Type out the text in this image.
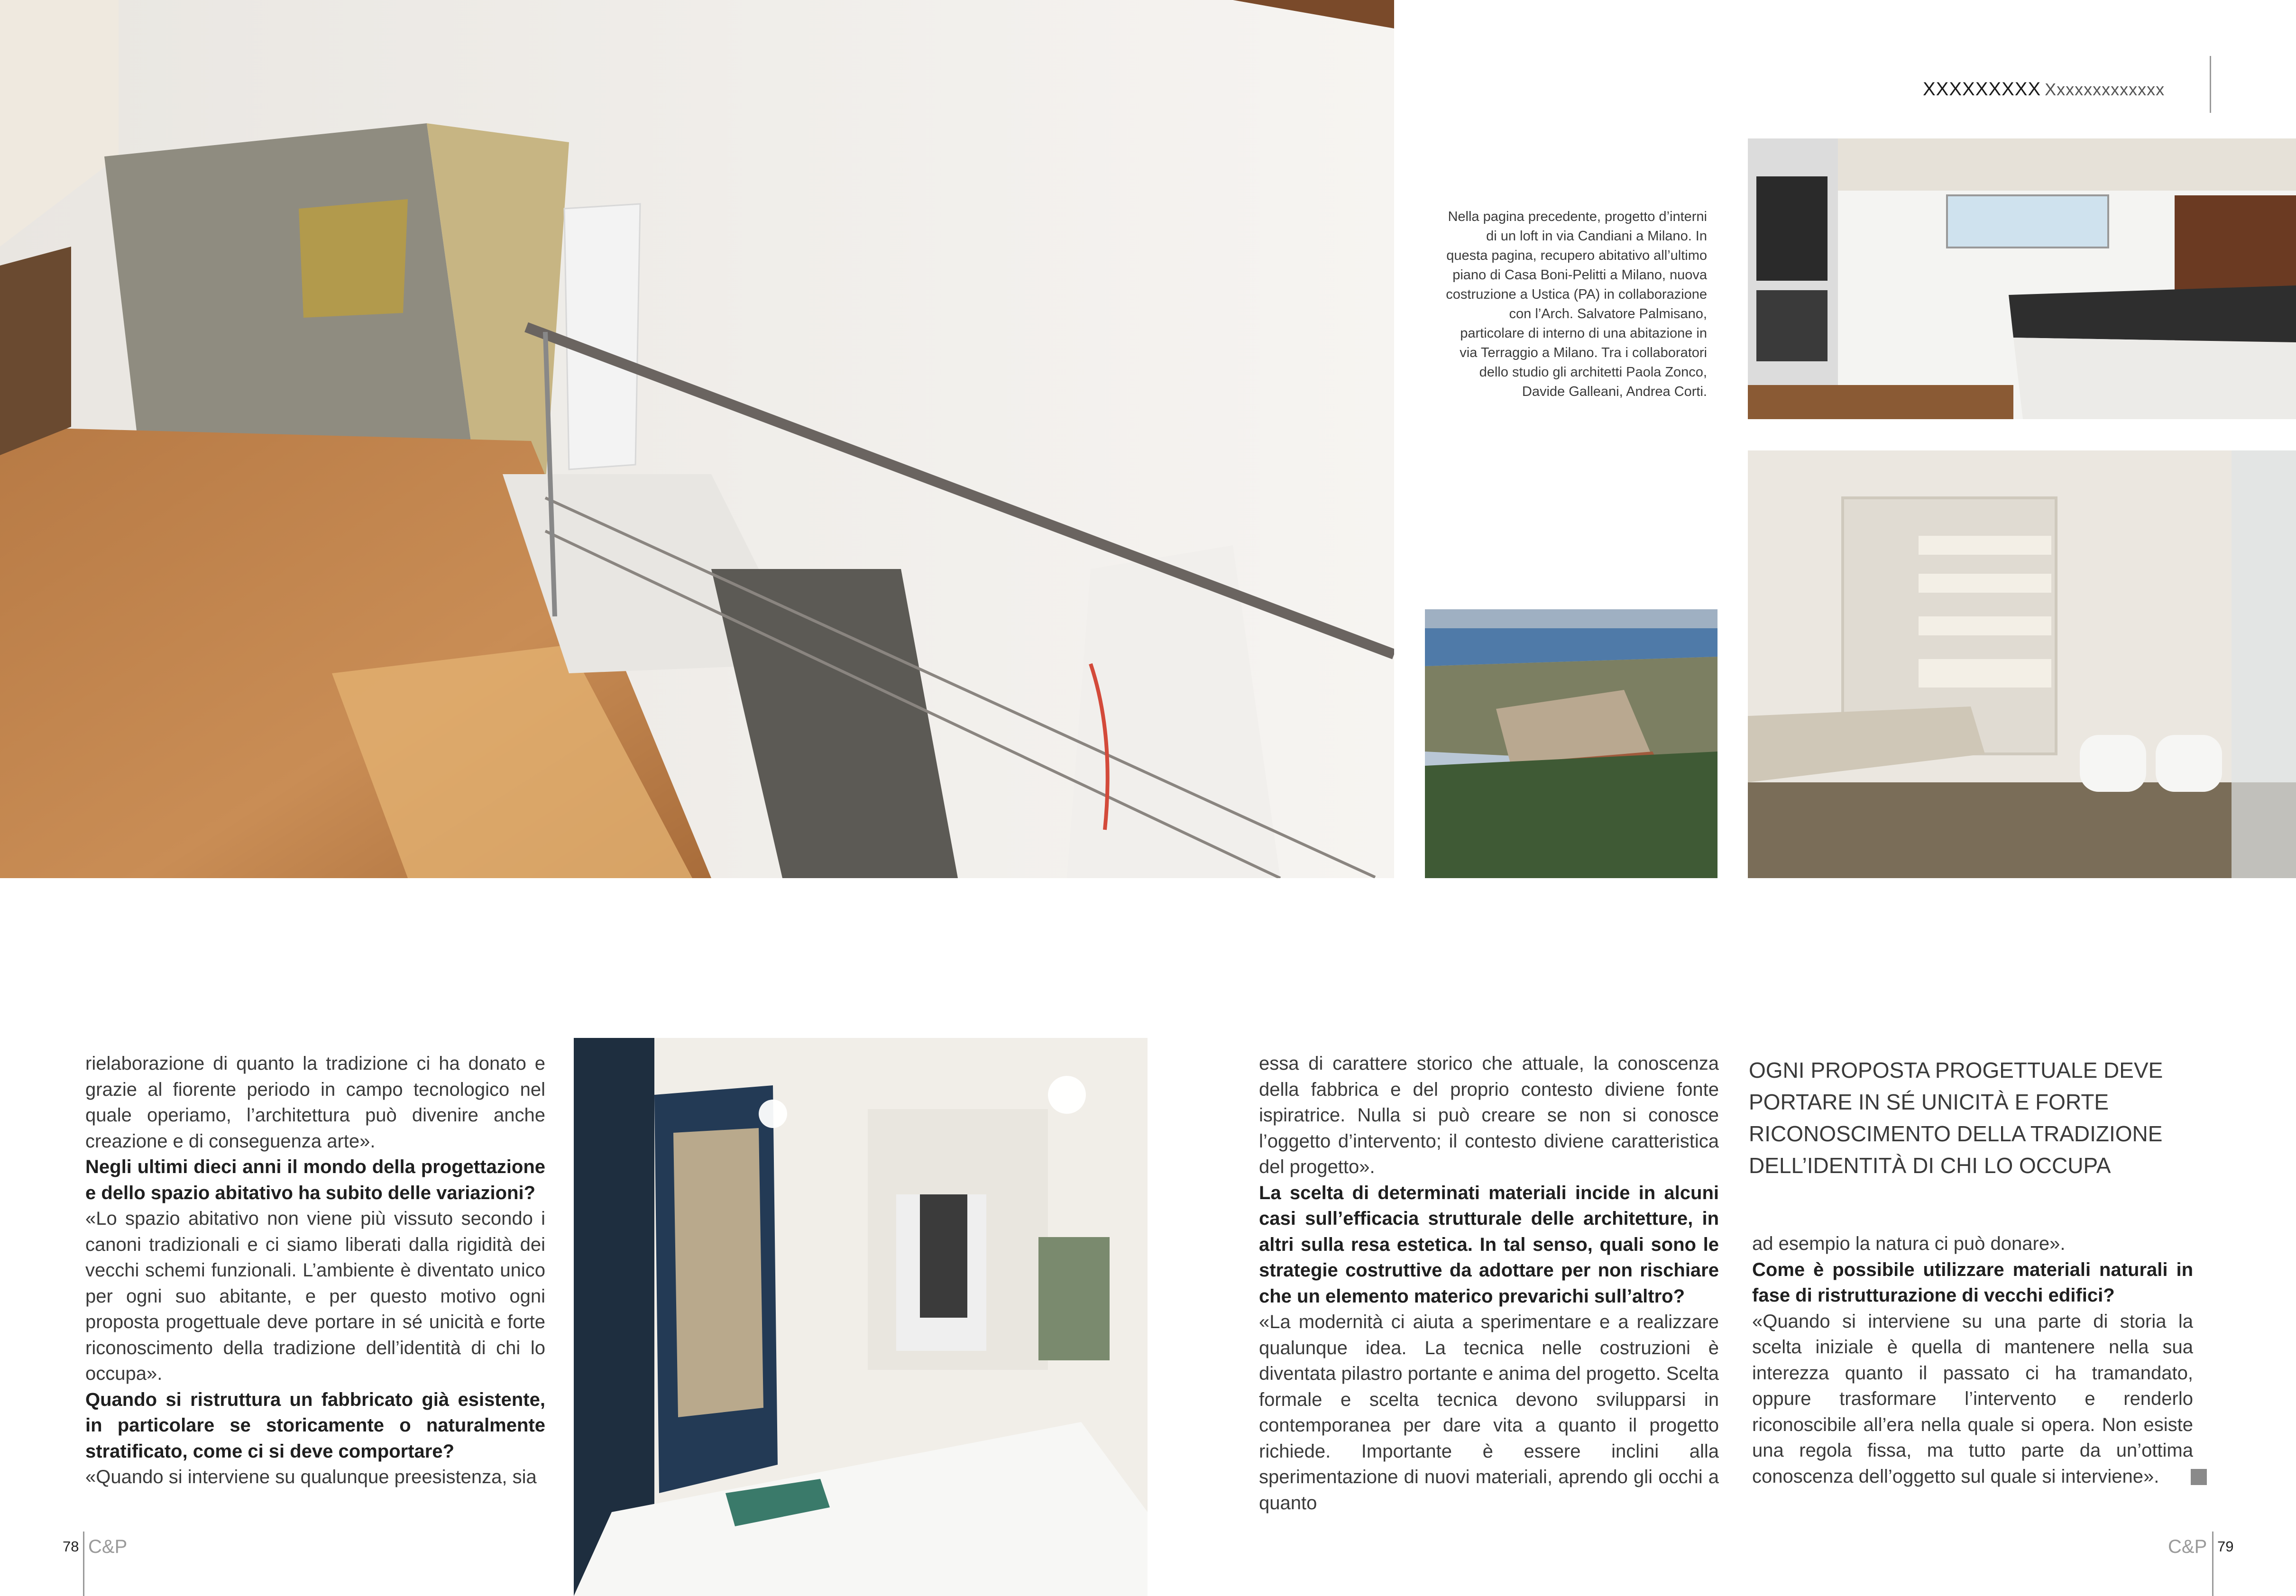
XXXXXXXXX Xxxxxxxxxxxxx
Nella pagina precedente, progetto d’interni di un loft in via Candiani a Milano. In questa pagina, recupero abitativo all’ultimo piano di Casa Boni-Pelitti a Milano, nuova costruzione a Ustica (PA) in collaborazione con l’Arch. Salvatore Palmisano, particolare di interno di una abitazione in via Terraggio a Milano. Tra i collaboratori dello studio gli architetti Paola Zonco, Davide Galleani, Andrea Corti.

rielaborazione di quanto la tradizione ci ha donato e grazie al fiorente periodo in campo tecnologico nel quale operiamo, l’architettura può divenire anche creazione e di conseguenza arte».

Negli ultimi dieci anni il mondo della progettazione e dello spazio abitativo ha subito delle variazioni?

«Lo spazio abitativo non viene più vissuto secondo i canoni tradizionali e ci siamo liberati dalla rigidità dei vecchi schemi funzionali. L’ambiente è diventato unico per ogni suo abitante, e per questo motivo ogni proposta progettuale deve portare in sé unicità e forte riconoscimento della tradizione dell’identità di chi lo occupa».

Quando si ristruttura un fabbricato già esistente, in particolare se storicamente o naturalmente stratificato, come ci si deve comportare?

«Quando si interviene su qualunque preesistenza, sia

essa di carattere storico che attuale, la conoscenza della fabbrica e del proprio contesto diviene fonte ispiratrice. Nulla si può creare se non si conosce l’oggetto d’intervento; il contesto diviene caratteristica del progetto».

La scelta di determinati materiali incide in alcuni casi sull’efficacia strutturale delle architetture, in altri sulla resa estetica. In tal senso, quali sono le strategie costruttive da adottare per non rischiare che un elemento materico prevarichi sull’altro?

«La modernità ci aiuta a sperimentare e a realizzare qualunque idea. La tecnica nelle costruzioni è diventata pilastro portante e anima del progetto. Scelta formale e scelta tecnica devono svilupparsi in contemporanea per dare vita a quanto il progetto richiede. Importante è essere inclini alla sperimentazione di nuovi materiali, aprendo gli occhi a quanto

OGNI PROPOSTA PROGETTUALE DEVE PORTARE IN SÉ UNICITÀ E FORTE RICONOSCIMENTO DELLA TRADIZIONE DELL’IDENTITÀ DI CHI LO OCCUPA

ad esempio la natura ci può donare».

Come è possibile utilizzare materiali naturali in fase di ristrutturazione di vecchi edifici?

«Quando si interviene su una parte di storia la scelta iniziale è quella di mantenere nella sua interezza quanto il passato ci ha tramandato, oppure trasformare l’intervento e renderlo riconoscibile all’era nella quale si opera. Non esiste una regola fissa, ma tutto parte da un’ottima conoscenza dell’oggetto sul quale si interviene».

78 C&P	C&P 79
